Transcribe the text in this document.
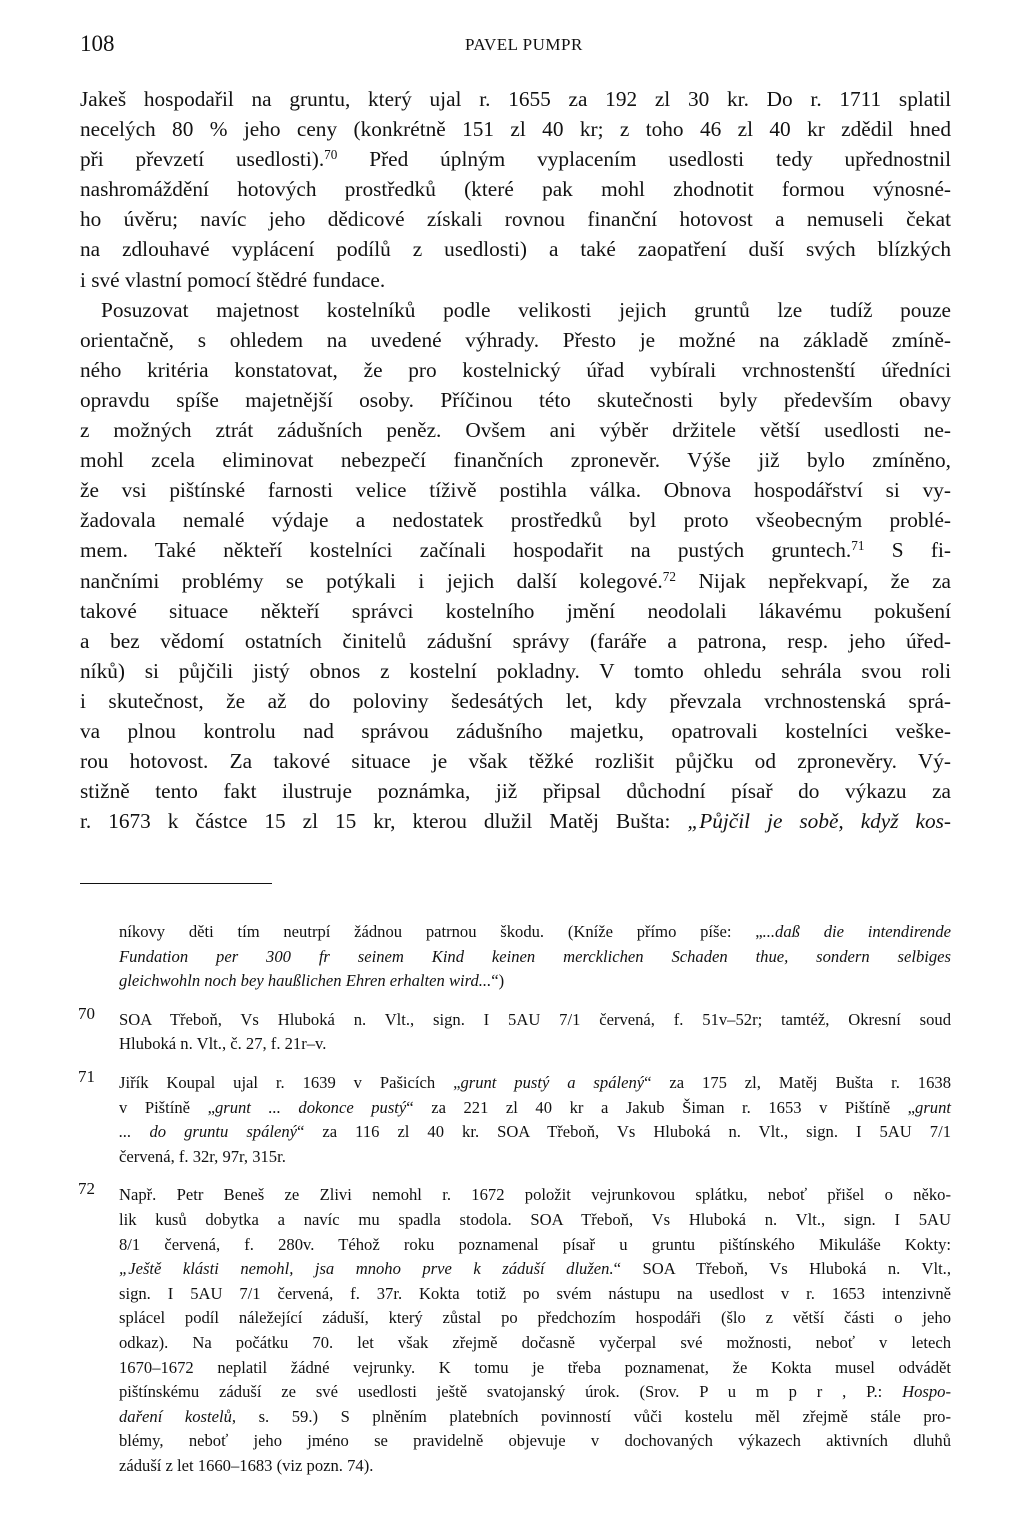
108	PAVEL PUMPR

Jakeš hospodařil na gruntu, který ujal r. 1655 za 192 zl 30 kr. Do r. 1711 splatil
necelých 80 % jeho ceny (konkrétně 151 zl 40 kr; z toho 46 zl 40 kr zdědil hned
při převzetí usedlosti).$^{70}$ Před úplným vyplacením usedlosti tedy upřednostnil
nashromáždění hotových prostředků (které pak mohl zhodnotit formou výnosné-
ho úvěru; navíc jeho dědicové získali rovnou finanční hotovost a nemuseli čekat
na zdlouhavé vyplácení podílů z usedlosti) a také zaopatření duší svých blízkých
i své vlastní pomocí štědré fundace.

Posuzovat majetnost kostelníků podle velikosti jejich gruntů lze tudíž pouze
orientačně, s ohledem na uvedené výhrady. Přesto je možné na základě zmíně-
ného kritéria konstatovat, že pro kostelnický úřad vybírali vrchnostenští úředníci
opravdu spíše majetnější osoby. Příčinou této skutečnosti byly především obavy
z možných ztrát zádušních peněz. Ovšem ani výběr držitele větší usedlosti ne-
mohl zcela eliminovat nebezpečí finančních zpronevěr. Výše již bylo zmíněno,
že vsi pištínské farnosti velice tíživě postihla válka. Obnova hospodářství si vy-
žadovala nemalé výdaje a nedostatek prostředků byl proto všeobecným problé-
mem. Také někteří kostelníci začínali hospodařit na pustých gruntech.$^{71}$ S fi-
nančními problémy se potýkali i jejich další kolegové.$^{72}$ Nijak nepřekvapí, že za
takové situace někteří správci kostelního jmění neodolali lákavému pokušení
a bez vědomí ostatních činitelů zádušní správy (faráře a patrona, resp. jeho úřed-
níků) si půjčili jistý obnos z kostelní pokladny. V tomto ohledu sehrála svou roli
i skutečnost, že až do poloviny šedesátých let, kdy převzala vrchnostenská sprá-
va plnou kontrolu nad správou zádušního majetku, opatrovali kostelníci veške-
rou hotovost. Za takové situace je však těžké rozlišit půjčku od zpronevěry. Vý-
stižně tento fakt ilustruje poznámka, již připsal důchodní písař do výkazu za
r. 1673 k částce 15 zl 15 kr, kterou dlužil Matěj Bušta: „Půjčil je sobě, když kos-

níkovy děti tím neutrpí žádnou patrnou škodu. (Kníže přímo píše: „...daß die intendirende
Fundation per 300 fr seinem Kind keinen mercklichen Schaden thue, sondern selbiges
gleichwohln noch bey haußlichen Ehren erhalten wird...“)
70 SOA Třeboň, Vs Hluboká n. Vlt., sign. I 5AU 7/1 červená, f. 51v–52r; tamtéž, Okresní soud
Hluboká n. Vlt., č. 27, f. 21r–v.
71 Jiřík Koupal ujal r. 1639 v Pašicích „grunt pustý a spálený“ za 175 zl, Matěj Bušta r. 1638
v Pištíně „grunt ... dokonce pustý“ za 221 zl 40 kr a Jakub Šiman r. 1653 v Pištíně „grunt
... do gruntu spálený“ za 116 zl 40 kr. SOA Třeboň, Vs Hluboká n. Vlt., sign. I 5AU 7/1
červená, f. 32r, 97r, 315r.
72 Např. Petr Beneš ze Zlivi nemohl r. 1672 položit vejrunkovou splátku, neboť přišel o něko-
lik kusů dobytka a navíc mu spadla stodola. SOA Třeboň, Vs Hluboká n. Vlt., sign. I 5AU
8/1 červená, f. 280v. Téhož roku poznamenal písař u gruntu pištínského Mikuláše Kokty:
„Ještě klásti nemohl, jsa mnoho prve k záduší dlužen.“ SOA Třeboň, Vs Hluboká n. Vlt.,
sign. I 5AU 7/1 červená, f. 37r. Kokta totiž po svém nástupu na usedlost v r. 1653 intenzivně
splácel podíl náležející záduší, který zůstal po předchozím hospodáři (šlo z větší části o jeho
odkaz). Na počátku 70. let však zřejmě dočasně vyčerpal své možnosti, neboť v letech
1670–1672 neplatil žádné vejrunky. K tomu je třeba poznamenat, že Kokta musel odvádět
pištínskému záduší ze své usedlosti ještě svatojanský úrok. (Srov. P u m p r , P.: Hospo-
daření kostelů, s. 59.) S plněním platebních povinností vůči kostelu měl zřejmě stále pro-
blémy, neboť jeho jméno se pravidelně objevuje v dochovaných výkazech aktivních dluhů
záduší z let 1660–1683 (viz pozn. 74).
